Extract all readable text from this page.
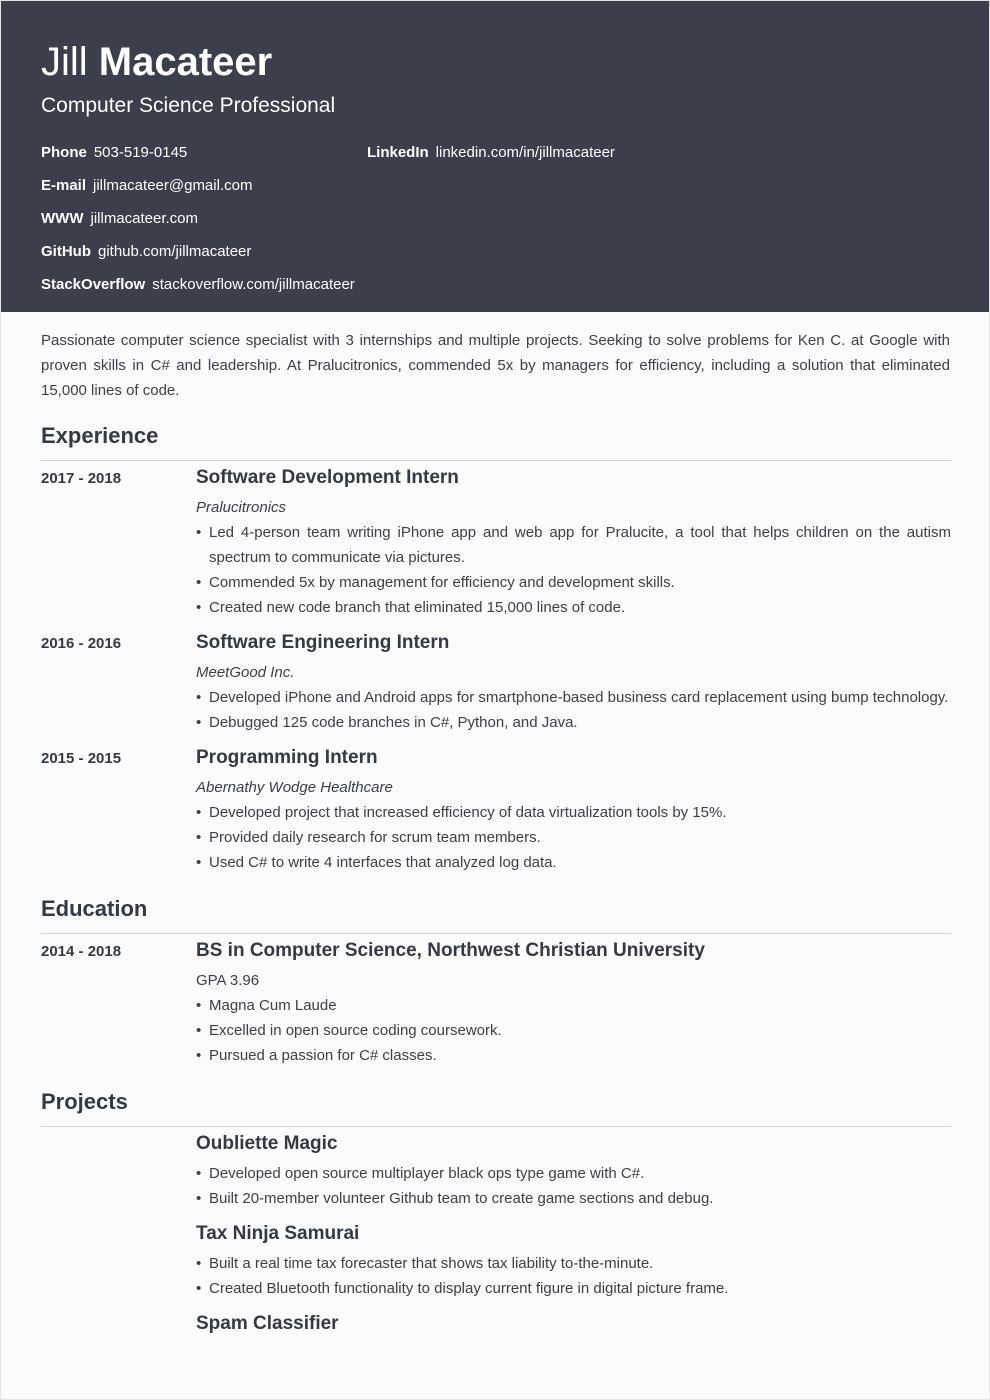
Jill Macateer
Computer Science Professional
Phone 503-519-0145	LinkedIn linkedin.com/in/jillmacateer
E-mail jillmacateer@gmail.com
WWW jillmacateer.com
GitHub github.com/jillmacateer
StackOverflow stackoverflow.com/jillmacateer
Passionate computer science specialist with 3 internships and multiple projects. Seeking to solve problems for Ken C. at Google with proven skills in C# and leadership. At Pralucitronics, commended 5x by managers for efficiency, including a solution that eliminated 15,000 lines of code.
Experience
2017 - 2018	Software Development Intern
Pralucitronics
• Led 4-person team writing iPhone app and web app for Pralucite, a tool that helps children on the autism spectrum to communicate via pictures.
• Commended 5x by management for efficiency and development skills.
• Created new code branch that eliminated 15,000 lines of code.
2016 - 2016	Software Engineering Intern
MeetGood Inc.
• Developed iPhone and Android apps for smartphone-based business card replacement using bump technology.
• Debugged 125 code branches in C#, Python, and Java.
2015 - 2015	Programming Intern
Abernathy Wodge Healthcare
• Developed project that increased efficiency of data virtualization tools by 15%.
• Provided daily research for scrum team members.
• Used C# to write 4 interfaces that analyzed log data.
Education
2014 - 2018	BS in Computer Science, Northwest Christian University
GPA 3.96
• Magna Cum Laude
• Excelled in open source coding coursework.
• Pursued a passion for C# classes.
Projects
Oubliette Magic
• Developed open source multiplayer black ops type game with C#.
• Built 20-member volunteer Github team to create game sections and debug.
Tax Ninja Samurai
• Built a real time tax forecaster that shows tax liability to-the-minute.
• Created Bluetooth functionality to display current figure in digital picture frame.
Spam Classifier
